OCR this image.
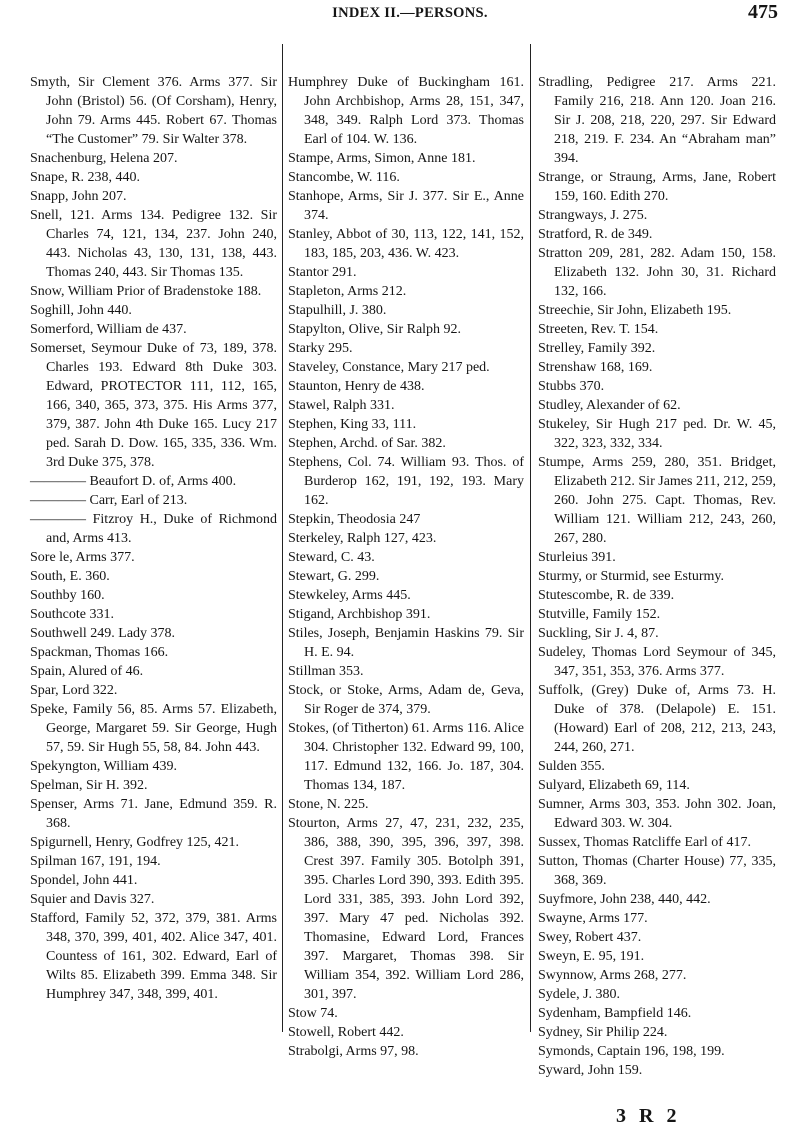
INDEX II.—PERSONS.	475

Smyth, Sir Clement 376. Arms 377. Sir John (Bristol) 56. (Of Corsham), Henry, John 79. Arms 445. Robert 67. Thomas “The Customer” 79. Sir Walter 378.

Snachenburg, Helena 207.

Snape, R. 238, 440.

Snapp, John 207.

Snell, 121. Arms 134. Pedigree 132. Sir Charles 74, 121, 134, 237. John 240, 443. Nicholas 43, 130, 131, 138, 443. Thomas 240, 443. Sir Thomas 135.

Snow, William Prior of Bradenstoke 188.

Soghill, John 440.

Somerford, William de 437.

Somerset, Seymour Duke of 73, 189, 378. Charles 193. Edward 8th Duke 303. Edward, PROTECTOR 111, 112, 165, 166, 340, 365, 373, 375. His Arms 377, 379, 387. John 4th Duke 165. Lucy 217 ped. Sarah D. Dow. 165, 335, 336. Wm. 3rd Duke 375, 378.

———— Beaufort D. of, Arms 400.

———— Carr, Earl of 213.

———— Fitzroy H., Duke of Richmond and, Arms 413.

Sore le, Arms 377.

South, E. 360.

Southby 160.

Southcote 331.

Southwell 249. Lady 378.

Spackman, Thomas 166.

Spain, Alured of 46.

Spar, Lord 322.

Speke, Family 56, 85. Arms 57. Elizabeth, George, Margaret 59. Sir George, Hugh 57, 59. Sir Hugh 55, 58, 84. John 443.

Spekyngton, William 439.

Spelman, Sir H. 392.

Spenser, Arms 71. Jane, Edmund 359. R. 368.

Spigurnell, Henry, Godfrey 125, 421.

Spilman 167, 191, 194.

Spondel, John 441.

Squier and Davis 327.

Stafford, Family 52, 372, 379, 381. Arms 348, 370, 399, 401, 402. Alice 347, 401. Countess of 161, 302. Edward, Earl of Wilts 85. Elizabeth 399. Emma 348. Sir Humphrey 347, 348, 399, 401.

Humphrey Duke of Buckingham 161. John Archbishop, Arms 28, 151, 347, 348, 349. Ralph Lord 373. Thomas Earl of 104. W. 136.

Stampe, Arms, Simon, Anne 181.

Stancombe, W. 116.

Stanhope, Arms, Sir J. 377. Sir E., Anne 374.

Stanley, Abbot of 30, 113, 122, 141, 152, 183, 185, 203, 436. W. 423.

Stantor 291.

Stapleton, Arms 212.

Stapulhill, J. 380.

Stapylton, Olive, Sir Ralph 92.

Starky 295.

Staveley, Constance, Mary 217 ped.

Staunton, Henry de 438.

Stawel, Ralph 331.

Stephen, King 33, 111.

Stephen, Archd. of Sar. 382.

Stephens, Col. 74. William 93. Thos. of Burderop 162, 191, 192, 193. Mary 162.

Stepkin, Theodosia 247

Sterkeley, Ralph 127, 423.

Steward, C. 43.

Stewart, G. 299.

Stewkeley, Arms 445.

Stigand, Archbishop 391.

Stiles, Joseph, Benjamin Haskins 79. Sir H. E. 94.

Stillman 353.

Stock, or Stoke, Arms, Adam de, Geva, Sir Roger de 374, 379.

Stokes, (of Titherton) 61. Arms 116. Alice 304. Christopher 132. Edward 99, 100, 117. Edmund 132, 166. Jo. 187, 304. Thomas 134, 187.

Stone, N. 225.

Stourton, Arms 27, 47, 231, 232, 235, 386, 388, 390, 395, 396, 397, 398. Crest 397. Family 305. Botolph 391, 395. Charles Lord 390, 393. Edith 395. Lord 331, 385, 393. John Lord 392, 397. Mary 47 ped. Nicholas 392. Thomasine, Edward Lord, Frances 397. Margaret, Thomas 398. Sir William 354, 392. William Lord 286, 301, 397.

Stow 74.

Stowell, Robert 442.

Strabolgi, Arms 97, 98.

Stradling, Pedigree 217. Arms 221. Family 216, 218. Ann 120. Joan 216. Sir J. 208, 218, 220, 297. Sir Edward 218, 219. F. 234. An “Abraham man” 394.

Strange, or Straung, Arms, Jane, Robert 159, 160. Edith 270.

Strangways, J. 275.

Stratford, R. de 349.

Stratton 209, 281, 282. Adam 150, 158. Elizabeth 132. John 30, 31. Richard 132, 166.

Streechie, Sir John, Elizabeth 195.

Streeten, Rev. T. 154.

Strelley, Family 392.

Strenshaw 168, 169.

Stubbs 370.

Studley, Alexander of 62.

Stukeley, Sir Hugh 217 ped. Dr. W. 45, 322, 323, 332, 334.

Stumpe, Arms 259, 280, 351. Bridget, Elizabeth 212. Sir James 211, 212, 259, 260. John 275. Capt. Thomas, Rev. William 121. William 212, 243, 260, 267, 280.

Sturleius 391.

Sturmy, or Sturmid, see Esturmy.

Stutescombe, R. de 339.

Stutville, Family 152.

Suckling, Sir J. 4, 87.

Sudeley, Thomas Lord Seymour of 345, 347, 351, 353, 376. Arms 377.

Suffolk, (Grey) Duke of, Arms 73. H. Duke of 378. (Delapole) E. 151. (Howard) Earl of 208, 212, 213, 243, 244, 260, 271.

Sulden 355.

Sulyard, Elizabeth 69, 114.

Sumner, Arms 303, 353. John 302. Joan, Edward 303. W. 304.

Sussex, Thomas Ratcliffe Earl of 417.

Sutton, Thomas (Charter House) 77, 335, 368, 369.

Suyfmore, John 238, 440, 442.

Swayne, Arms 177.

Swey, Robert 437.

Sweyn, E. 95, 191.

Swynnow, Arms 268, 277.

Sydele, J. 380.

Sydenham, Bampfield 146.

Sydney, Sir Philip 224.

Symonds, Captain 196, 198, 199.

Syward, John 159.

3 R 2
